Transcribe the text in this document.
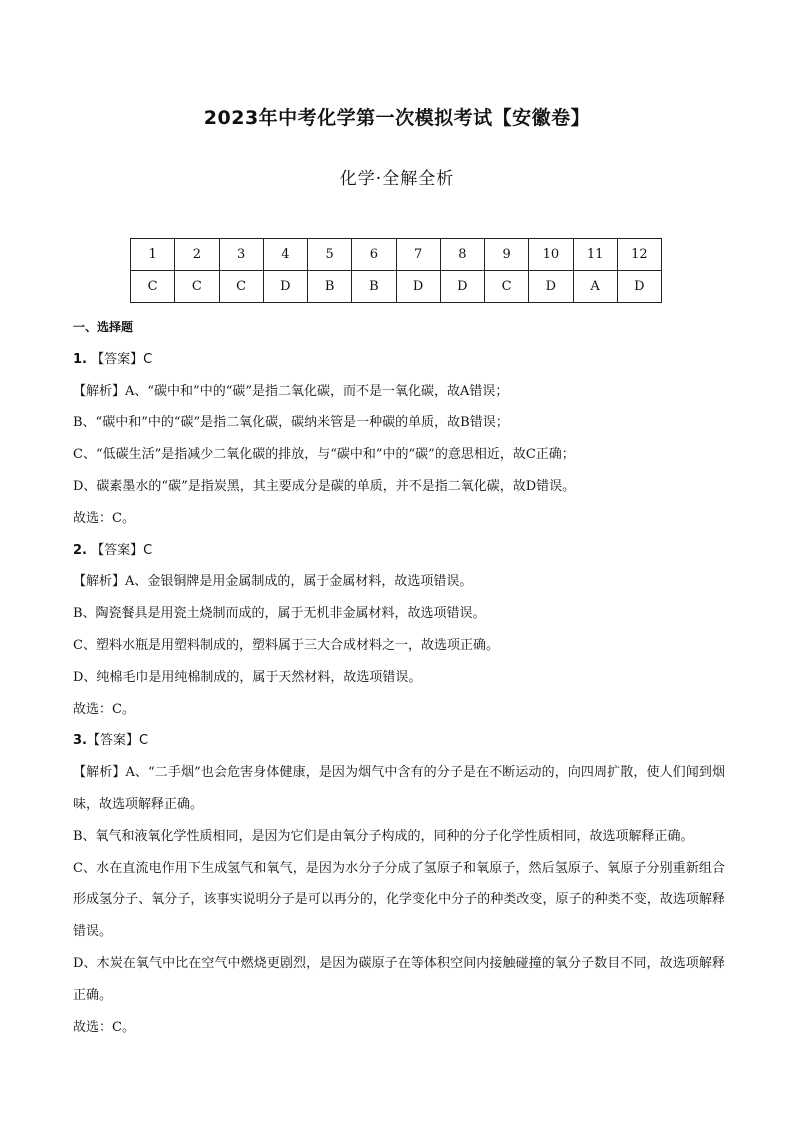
2023年中考化学第一次模拟考试【安徽卷】
化学·全解全析
1	2	3	4	5	6	7	8	9	10	11	12
C	C	C	D	B	B	D	D	C	D	A	D

一、选择题

1. 【答案】C

【解析】A、“碳中和”中的“碳”是指二氧化碳，而不是一氧化碳，故A错误；

B、“碳中和”中的“碳”是指二氧化碳，碳纳米管是一种碳的单质，故B错误；

C、“低碳生活”是指减少二氧化碳的排放，与“碳中和”中的“碳”的意思相近，故C正确；

D、碳素墨水的“碳”是指炭黑，其主要成分是碳的单质，并不是指二氧化碳，故D错误。

故选：C。

2. 【答案】C

【解析】A、金银铜牌是用金属制成的，属于金属材料，故选项错误。

B、陶瓷餐具是用瓷土烧制而成的，属于无机非金属材料，故选项错误。

C、塑料水瓶是用塑料制成的，塑料属于三大合成材料之一，故选项正确。

D、纯棉毛巾是用纯棉制成的，属于天然材料，故选项错误。

故选：C。

3.【答案】C

【解析】A、“二手烟”也会危害身体健康，是因为烟气中含有的分子是在不断运动的，向四周扩散，使人们闻到烟味，故选项解释正确。

B、氧气和液氧化学性质相同，是因为它们是由氧分子构成的，同种的分子化学性质相同，故选项解释正确。

C、水在直流电作用下生成氢气和氧气，是因为水分子分成了氢原子和氧原子，然后氢原子、氧原子分别重新组合形成氢分子、氧分子，该事实说明分子是可以再分的，化学变化中分子的种类改变，原子的种类不变，故选项解释错误。

D、木炭在氧气中比在空气中燃烧更剧烈，是因为碳原子在等体积空间内接触碰撞的氧分子数目不同，故选项解释正确。

故选：C。
